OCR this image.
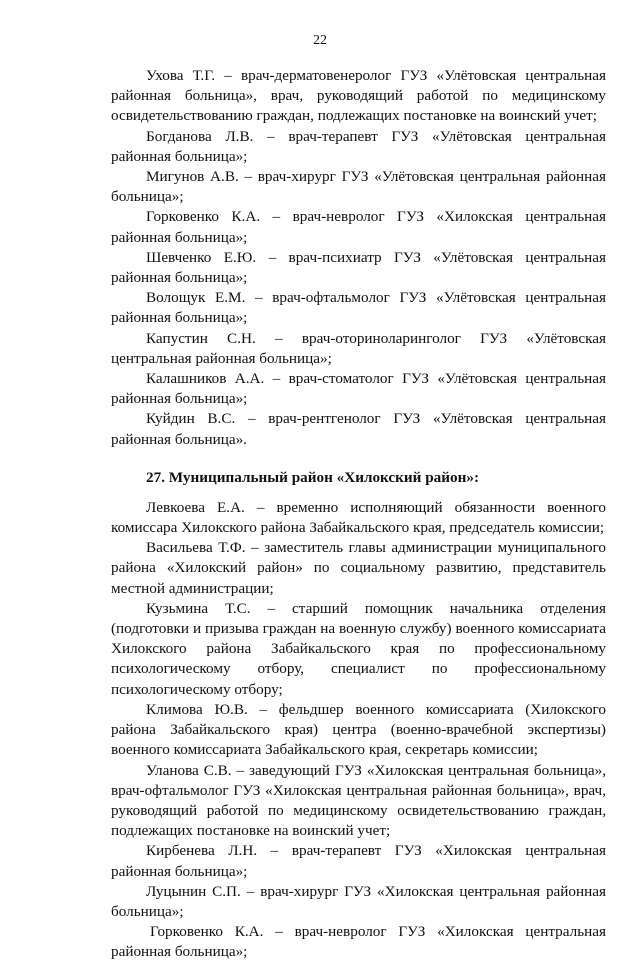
22

Ухова Т.Г. – врач-дерматовенеролог ГУЗ «Улётовская центральная районная больница», врач, руководящий работой по медицинскому освидетельствованию граждан, подлежащих постановке на воинский учет;

Богданова Л.В. – врач-терапевт ГУЗ «Улётовская центральная районная больница»;

Мигунов А.В. – врач-хирург ГУЗ «Улётовская центральная районная больница»;

Горковенко К.А. – врач-невролог ГУЗ «Хилокская центральная районная больница»;

Шевченко Е.Ю. – врач-психиатр ГУЗ «Улётовская центральная районная больница»;

Волощук Е.М. – врач-офтальмолог ГУЗ «Улётовская центральная районная больница»;

Капустин С.Н. – врач-оториноларинголог ГУЗ «Улётовская центральная районная больница»;

Калашников А.А. – врач-стоматолог ГУЗ «Улётовская центральная районная больница»;

Куйдин В.С. – врач-рентгенолог ГУЗ «Улётовская центральная районная больница».

27. Муниципальный район «Хилокский район»:

Левкоева Е.А. – временно исполняющий обязанности военного комиссара Хилокского района Забайкальского края, председатель комиссии;

Васильева Т.Ф. – заместитель главы администрации муниципального района «Хилокский район» по социальному развитию, представитель местной администрации;

Кузьмина Т.С. – старший помощник начальника отделения (подготовки и призыва граждан на военную службу) военного комиссариата Хилокского района Забайкальского края по профессиональному психологическому отбору, специалист по профессиональному психологическому отбору;

Климова Ю.В. – фельдшер военного комиссариата (Хилокского района Забайкальского края) центра (военно-врачебной экспертизы) военного комиссариата Забайкальского края, секретарь комиссии;

Уланова С.В. – заведующий ГУЗ «Хилокская центральная больница», врач-офтальмолог ГУЗ «Хилокская центральная районная больница», врач, руководящий работой по медицинскому освидетельствованию граждан, подлежащих постановке на воинский учет;

Кирбенева Л.Н. – врач-терапевт ГУЗ «Хилокская центральная районная больница»;

Луцынин С.П. – врач-хирург ГУЗ «Хилокская центральная районная больница»;

Горковенко К.А. – врач-невролог ГУЗ «Хилокская центральная районная больница»;
